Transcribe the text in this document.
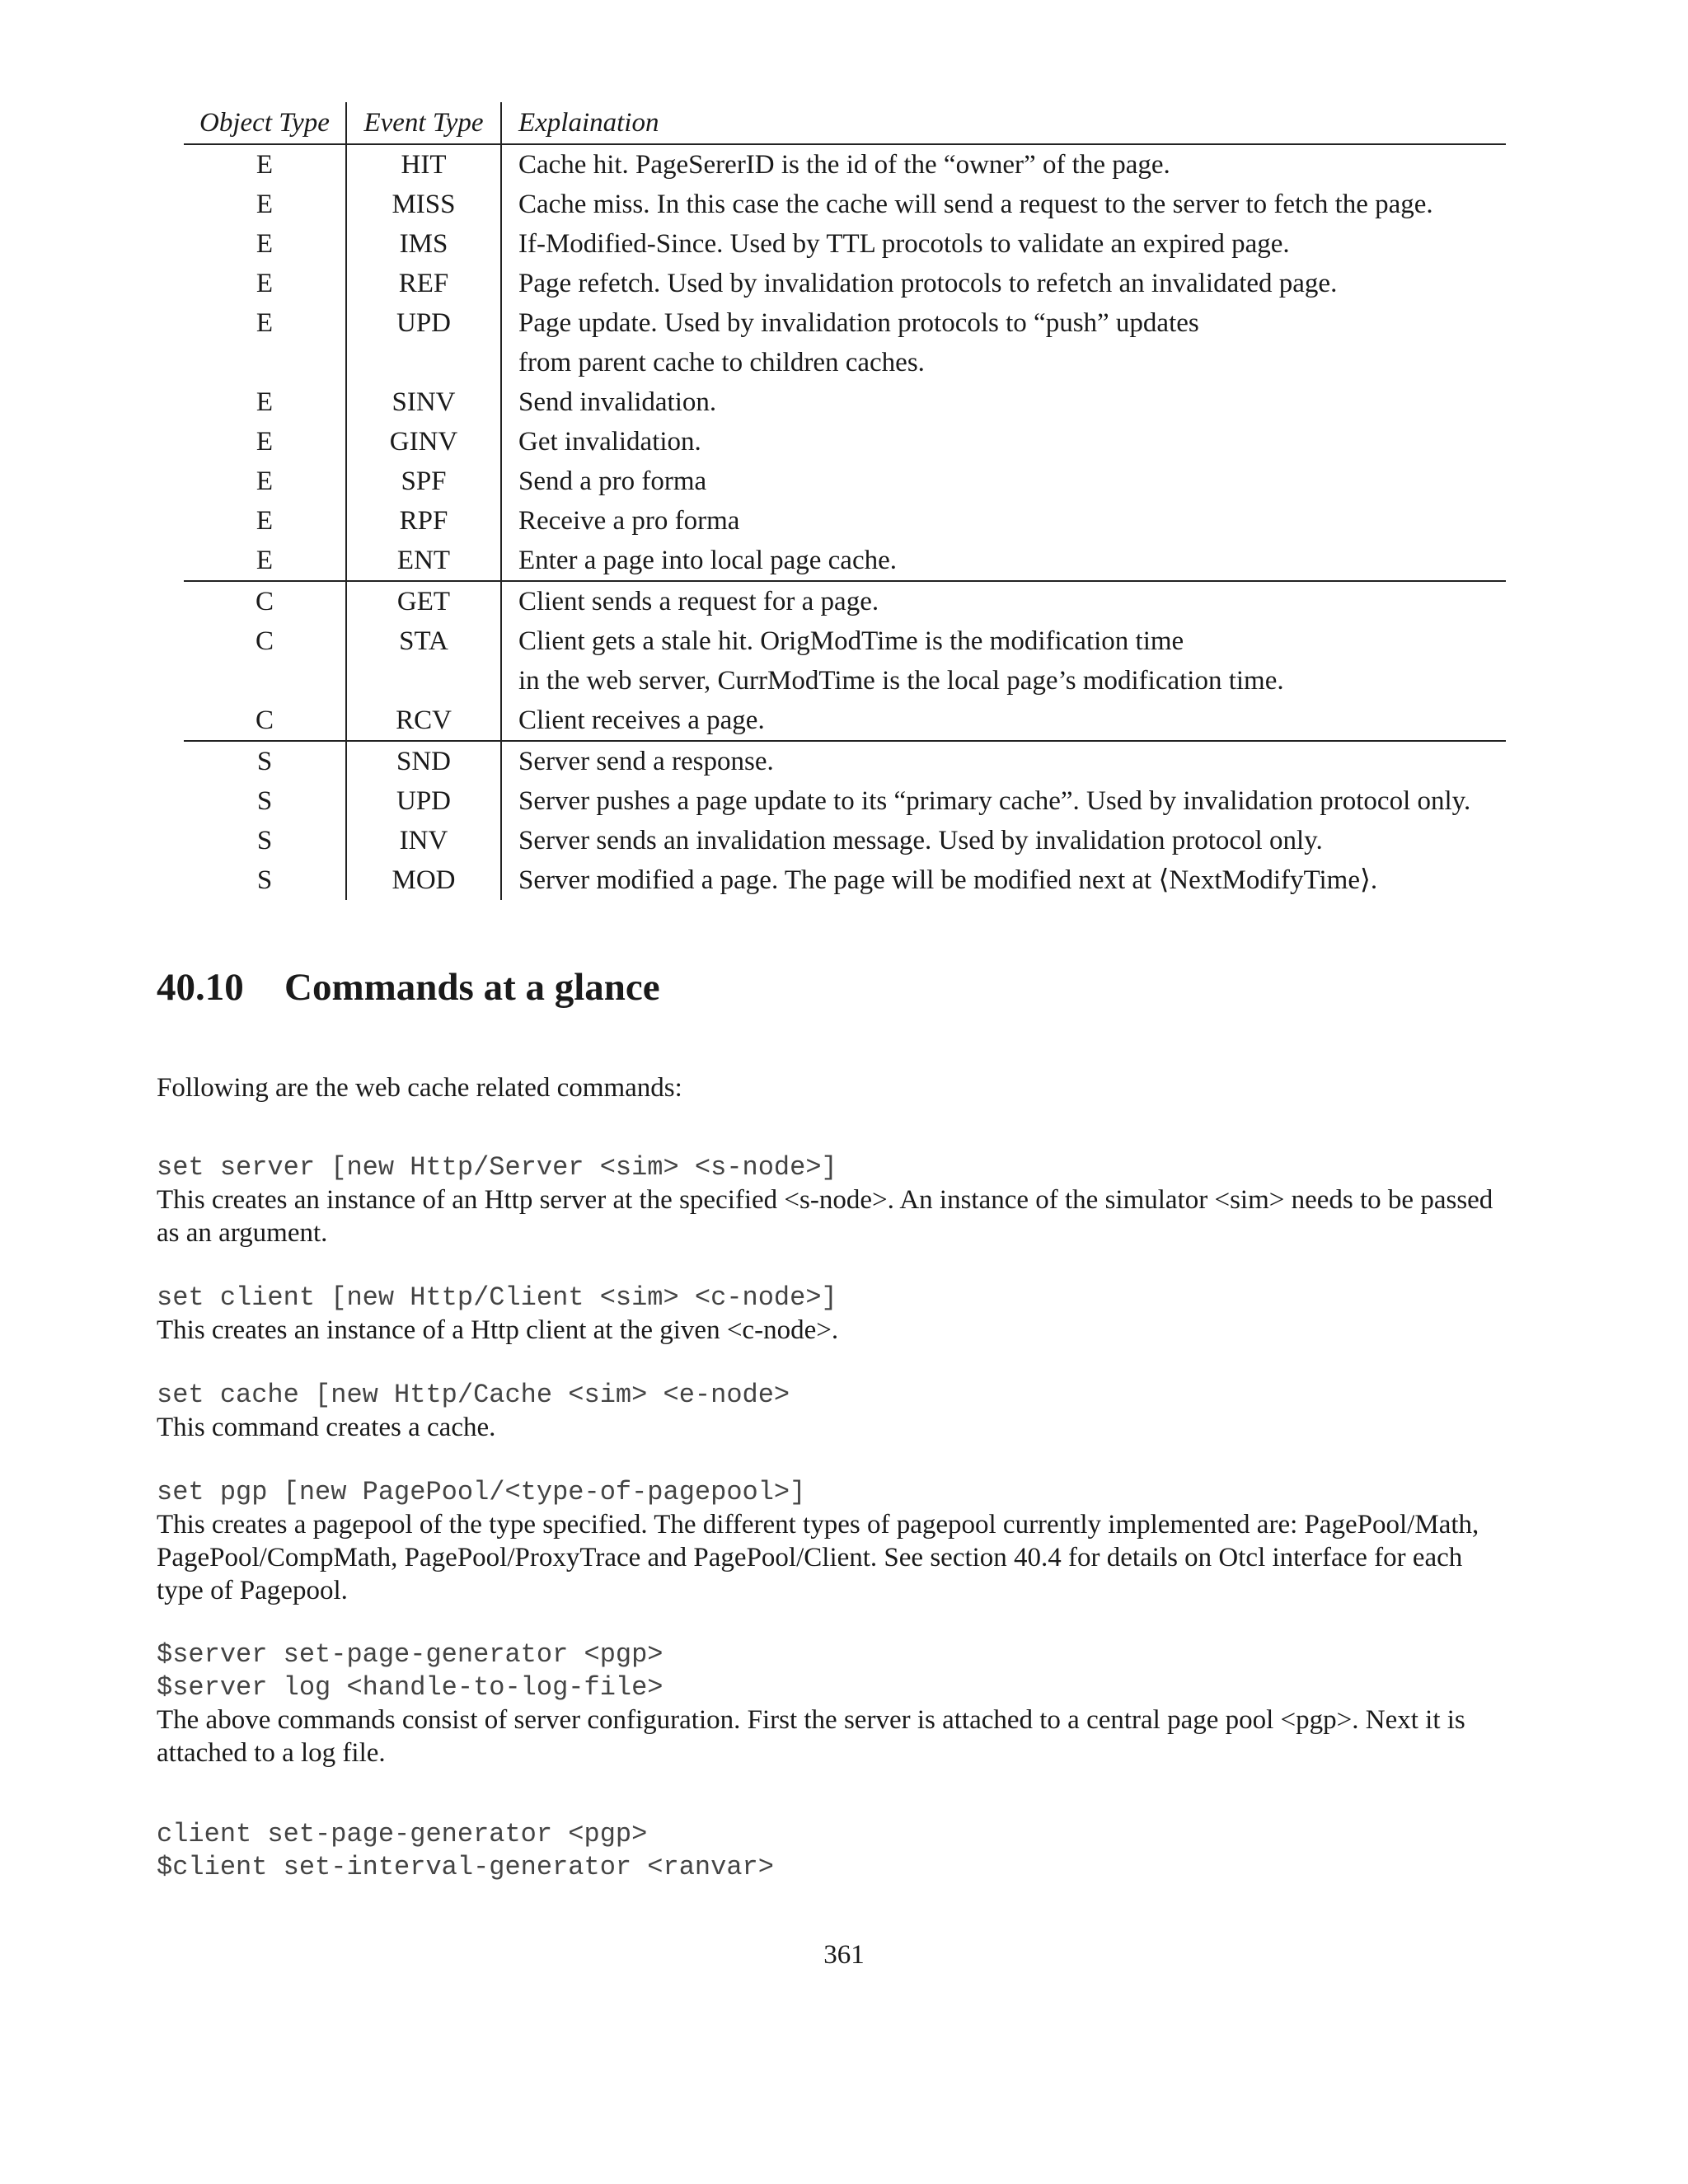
Object Type	Event Type	Explaination
E	HIT	Cache hit. PageSererID is the id of the “owner” of the page.
E	MISS	Cache miss. In this case the cache will send a request to the server to fetch the page.
E	IMS	If-Modified-Since. Used by TTL procotols to validate an expired page.
E	REF	Page refetch. Used by invalidation protocols to refetch an invalidated page.
E	UPD	Page update. Used by invalidation protocols to “push” updates
		from parent cache to children caches.
E	SINV	Send invalidation.
E	GINV	Get invalidation.
E	SPF	Send a pro forma
E	RPF	Receive a pro forma
E	ENT	Enter a page into local page cache.
C	GET	Client sends a request for a page.
C	STA	Client gets a stale hit. OrigModTime is the modification time
		in the web server, CurrModTime is the local page’s modification time.
C	RCV	Client receives a page.
S	SND	Server send a response.
S	UPD	Server pushes a page update to its “primary cache”. Used by invalidation protocol only.
S	INV	Server sends an invalidation message. Used by invalidation protocol only.
S	MOD	Server modified a page. The page will be modified next at ⟨NextModifyTime⟩.
40.10 Commands at a glance

Following are the web cache related commands:

set server [new Http/Server <sim> <s-node>]

This creates an instance of an Http server at the specified <s-node>. An instance of the simulator <sim> needs to be passed as an argument.

set client [new Http/Client <sim> <c-node>]

This creates an instance of a Http client at the given <c-node>.

set cache [new Http/Cache <sim> <e-node>

This command creates a cache.

set pgp [new PagePool/<type-of-pagepool>]

This creates a pagepool of the type specified. The different types of pagepool currently implemented are: PagePool/Math, PagePool/CompMath, PagePool/ProxyTrace and PagePool/Client. See section 40.4 for details on Otcl interface for each type of Pagepool.

$server set-page-generator <pgp>
$server log <handle-to-log-file>

The above commands consist of server configuration. First the server is attached to a central page pool <pgp>. Next it is attached to a log file.

client set-page-generator <pgp>
$client set-interval-generator <ranvar>
361
